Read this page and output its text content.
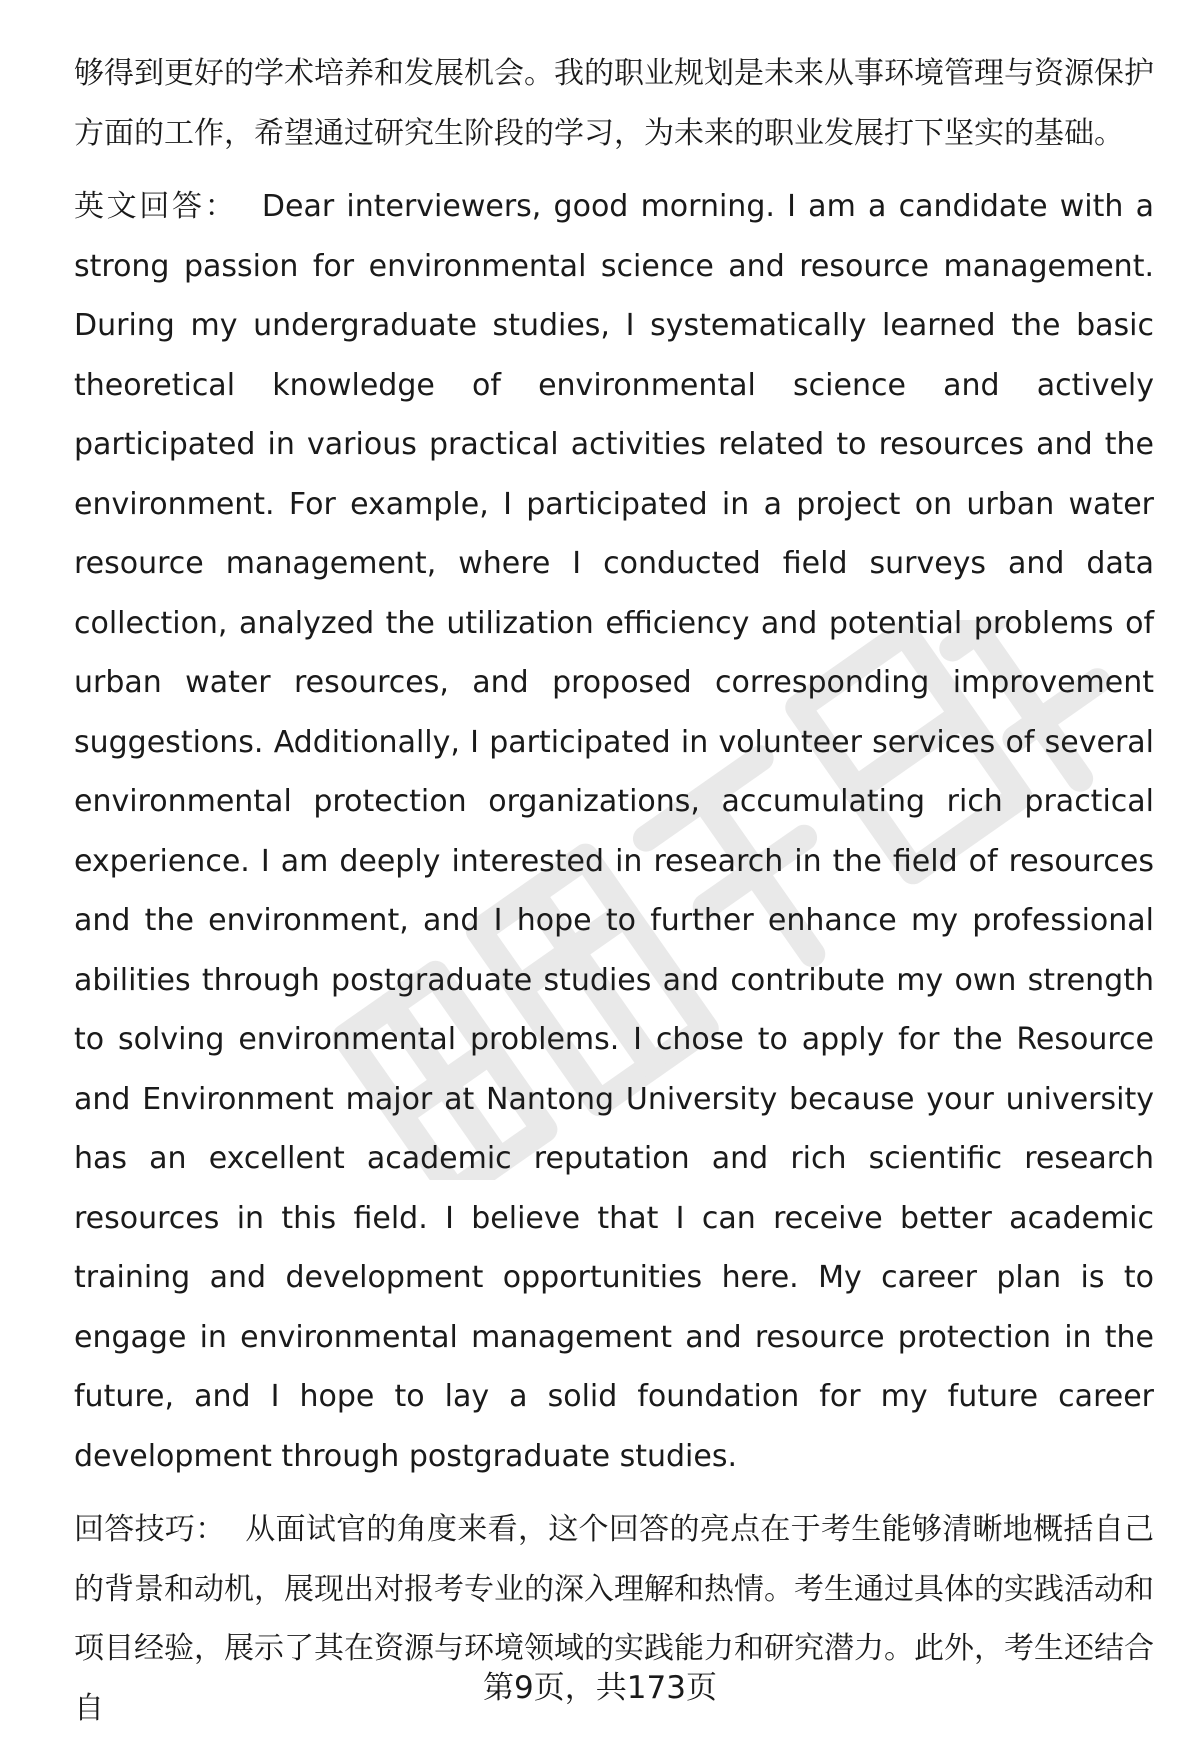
够得到更好的学术培养和发展机会。我的职业规划是未来从事环境管理与资源保护方面的工作，希望通过研究生阶段的学习，为未来的职业发展打下坚实的基础。

英文回答： Dear interviewers, good morning. I am a candidate with a strong passion for environmental science and resource management. During my undergraduate studies, I systematically learned the basic theoretical knowledge of environmental science and actively participated in various practical activities related to resources and the environment. For example, I participated in a project on urban water resource management, where I conducted field surveys and data collection, analyzed the utilization efficiency and potential problems of urban water resources, and proposed corresponding improvement suggestions. Additionally, I participated in volunteer services of several environmental protection organizations, accumulating rich practical experience. I am deeply interested in research in the field of resources and the environment, and I hope to further enhance my professional abilities through postgraduate studies and contribute my own strength to solving environmental problems. I chose to apply for the Resource and Environment major at Nantong University because your university has an excellent academic reputation and rich scientific research resources in this field. I believe that I can receive better academic training and development opportunities here. My career plan is to engage in environmental management and resource protection in the future, and I hope to lay a solid foundation for my future career development through postgraduate studies.

回答技巧： 从面试官的角度来看，这个回答的亮点在于考生能够清晰地概括自己的背景和动机，展现出对报考专业的深入理解和热情。考生通过具体的实践活动和项目经验，展示了其在资源与环境领域的实践能力和研究潜力。此外，考生还结合自

第9页，共173页
